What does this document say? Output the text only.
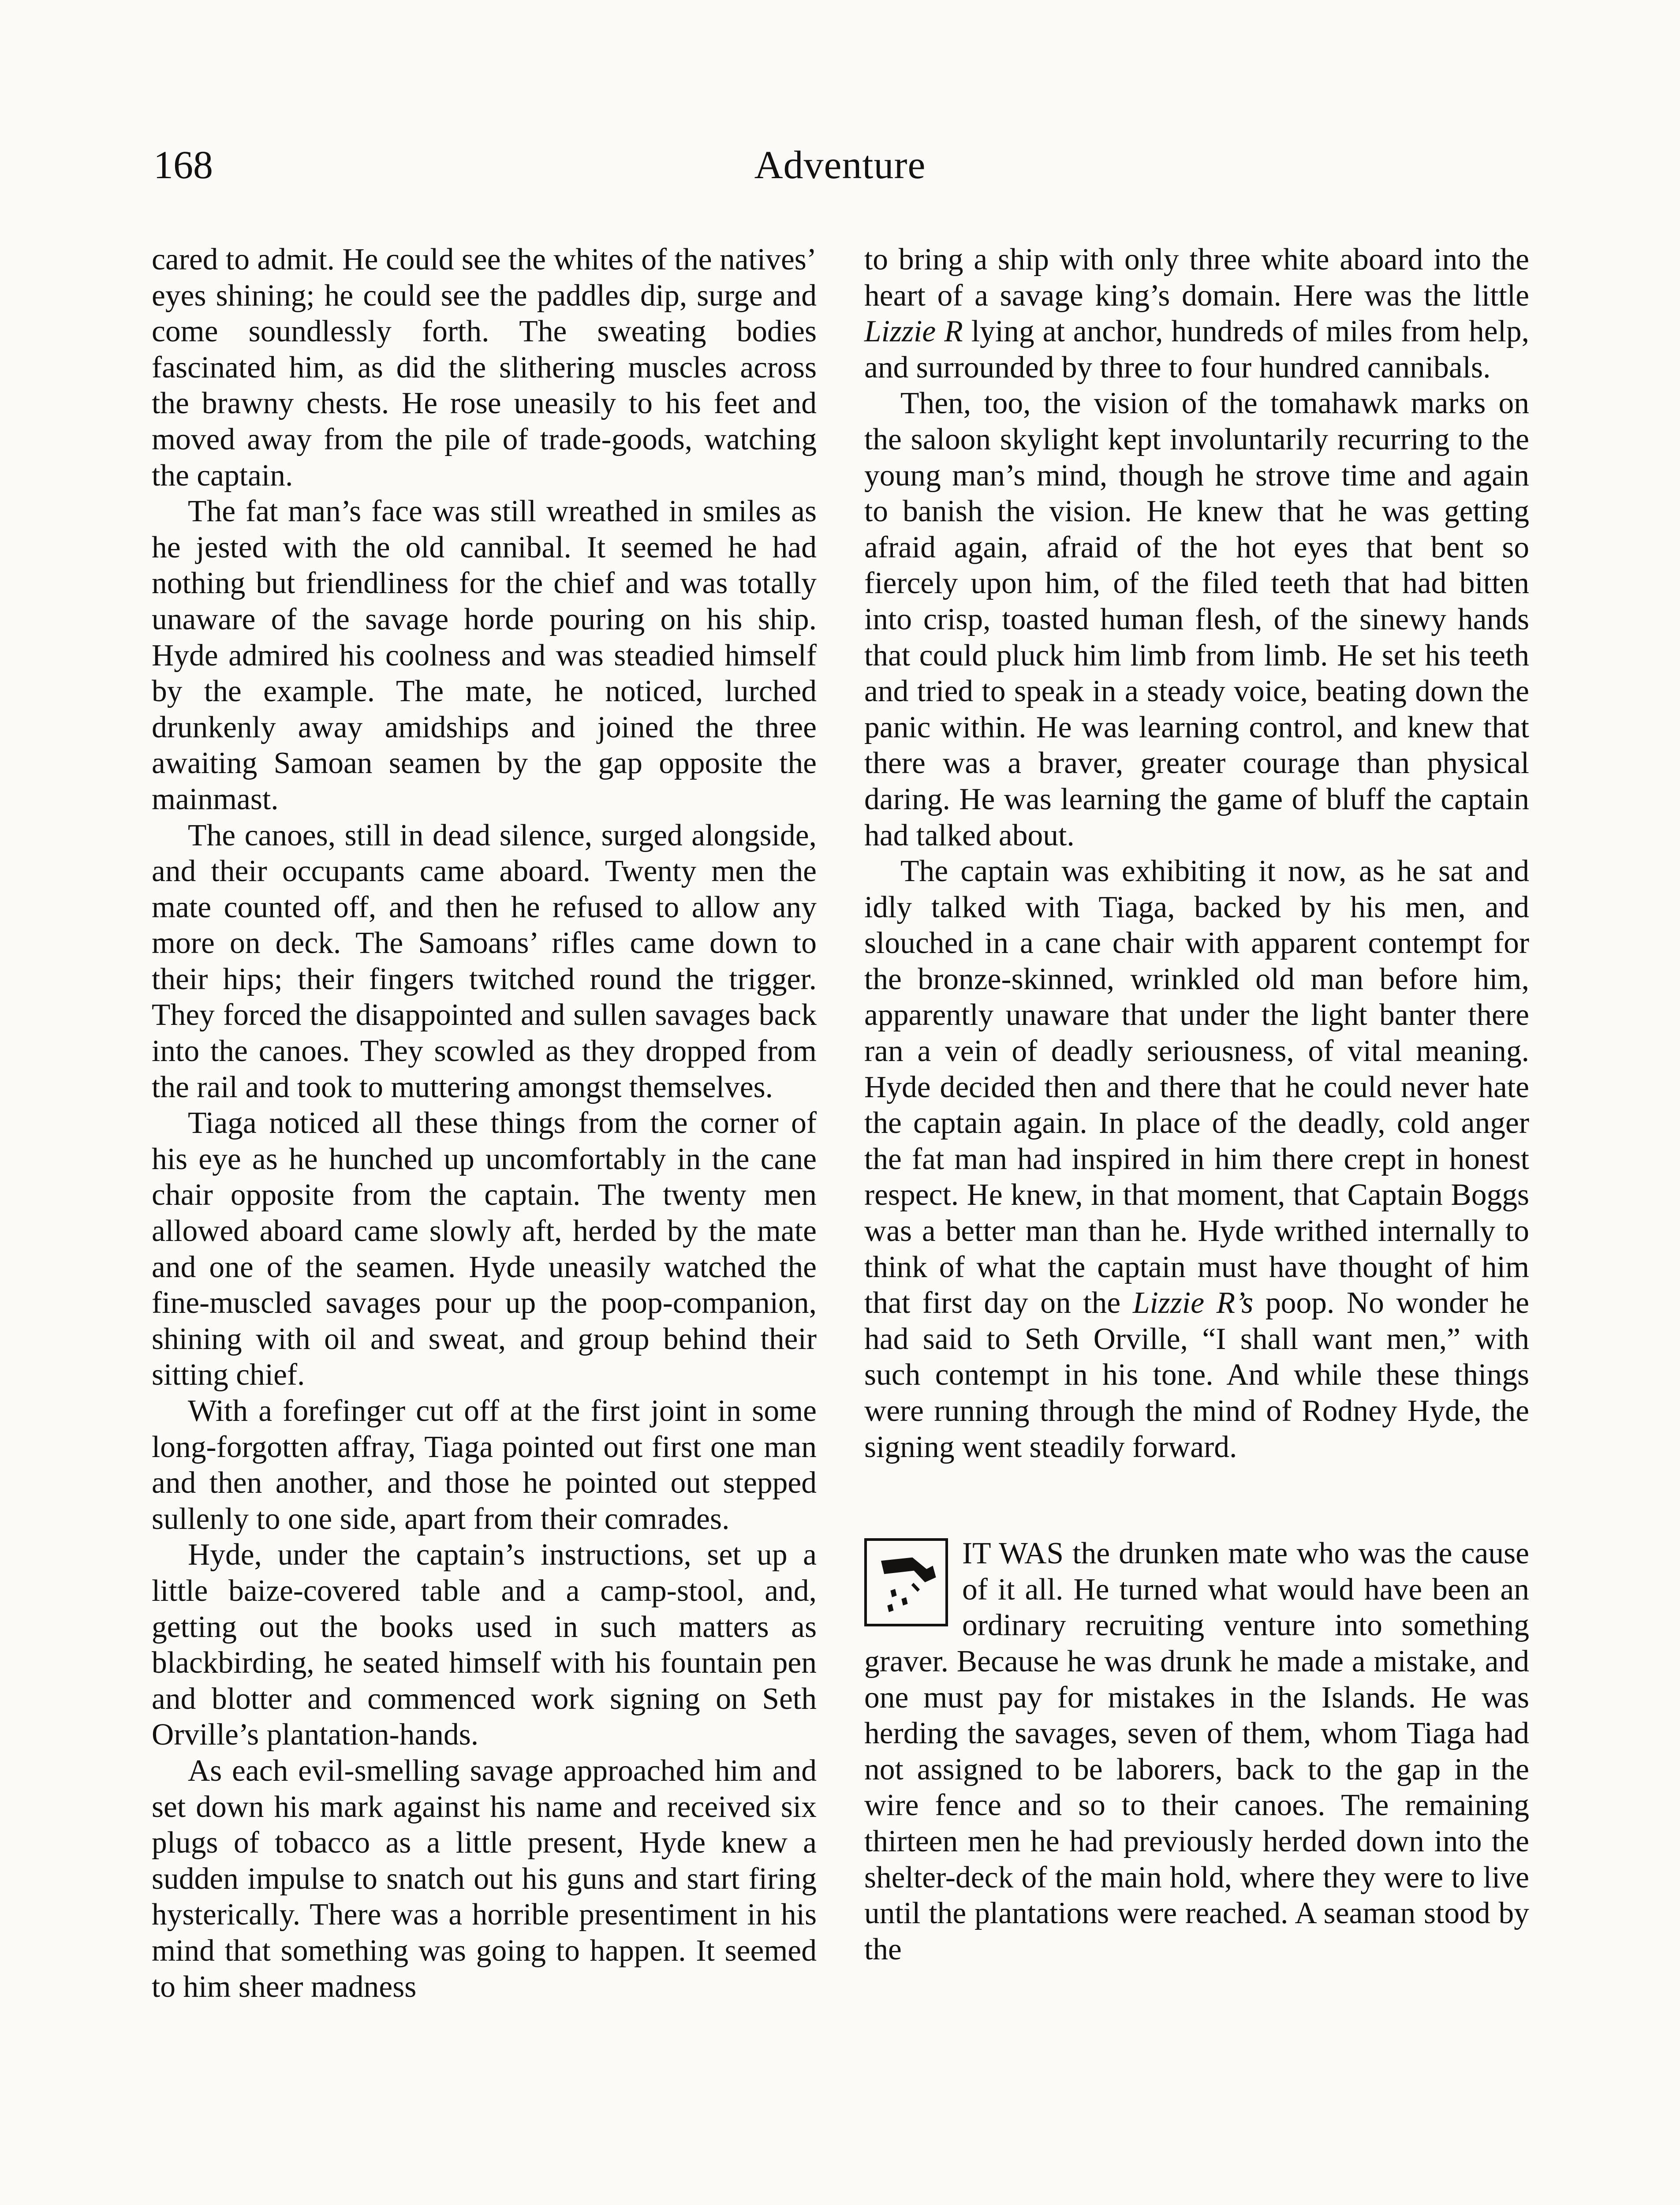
168	Adventure

cared to admit. He could see the whites of the natives’ eyes shining; he could see the paddles dip, surge and come soundlessly forth. The sweating bodies fascinated him, as did the slithering muscles across the brawny chests. He rose uneasily to his feet and moved away from the pile of trade-goods, watching the captain.

The fat man’s face was still wreathed in smiles as he jested with the old cannibal. It seemed he had nothing but friendliness for the chief and was totally unaware of the savage horde pouring on his ship. Hyde admired his coolness and was steadied himself by the example. The mate, he noticed, lurched drunkenly away amidships and joined the three awaiting Samoan seamen by the gap opposite the mainmast.

The canoes, still in dead silence, surged alongside, and their occupants came aboard. Twenty men the mate counted off, and then he refused to allow any more on deck. The Samoans’ rifles came down to their hips; their fingers twitched round the trigger. They forced the disappointed and sullen savages back into the canoes. They scowled as they dropped from the rail and took to muttering amongst themselves.

Tiaga noticed all these things from the corner of his eye as he hunched up uncomfortably in the cane chair opposite from the captain. The twenty men allowed aboard came slowly aft, herded by the mate and one of the seamen. Hyde uneasily watched the fine-muscled savages pour up the poop-companion, shining with oil and sweat, and group behind their sitting chief.

With a forefinger cut off at the first joint in some long-forgotten affray, Tiaga pointed out first one man and then another, and those he pointed out stepped sullenly to one side, apart from their comrades.

Hyde, under the captain’s instructions, set up a little baize-covered table and a camp-stool, and, getting out the books used in such matters as blackbirding, he seated himself with his fountain pen and blotter and commenced work signing on Seth Orville’s plantation-hands.

As each evil-smelling savage approached him and set down his mark against his name and received six plugs of tobacco as a little present, Hyde knew a sudden impulse to snatch out his guns and start firing hysterically. There was a horrible presentiment in his mind that something was going to happen. It seemed to him sheer madness

to bring a ship with only three white aboard into the heart of a savage king’s domain. Here was the little Lizzie R lying at anchor, hundreds of miles from help, and surrounded by three to four hundred cannibals.

Then, too, the vision of the tomahawk marks on the saloon skylight kept involuntarily recurring to the young man’s mind, though he strove time and again to banish the vision. He knew that he was getting afraid again, afraid of the hot eyes that bent so fiercely upon him, of the filed teeth that had bitten into crisp, toasted human flesh, of the sinewy hands that could pluck him limb from limb. He set his teeth and tried to speak in a steady voice, beating down the panic within. He was learning control, and knew that there was a braver, greater courage than physical daring. He was learning the game of bluff the captain had talked about.

The captain was exhibiting it now, as he sat and idly talked with Tiaga, backed by his men, and slouched in a cane chair with apparent contempt for the bronze-skinned, wrinkled old man before him, apparently unaware that under the light banter there ran a vein of deadly seriousness, of vital meaning. Hyde decided then and there that he could never hate the captain again. In place of the deadly, cold anger the fat man had inspired in him there crept in honest respect. He knew, in that moment, that Captain Boggs was a better man than he. Hyde writhed internally to think of what the captain must have thought of him that first day on the Lizzie R’s poop. No wonder he had said to Seth Orville, “I shall want men,” with such contempt in his tone. And while these things were running through the mind of Rodney Hyde, the signing went steadily forward.

IT WAS the drunken mate who was the cause of it all. He turned what would have been an ordinary recruiting venture into something graver. Because he was drunk he made a mistake, and one must pay for mistakes in the Islands. He was herding the savages, seven of them, whom Tiaga had not assigned to be laborers, back to the gap in the wire fence and so to their canoes. The remaining thirteen men he had previously herded down into the shelter-deck of the main hold, where they were to live until the plantations were reached. A seaman stood by the
